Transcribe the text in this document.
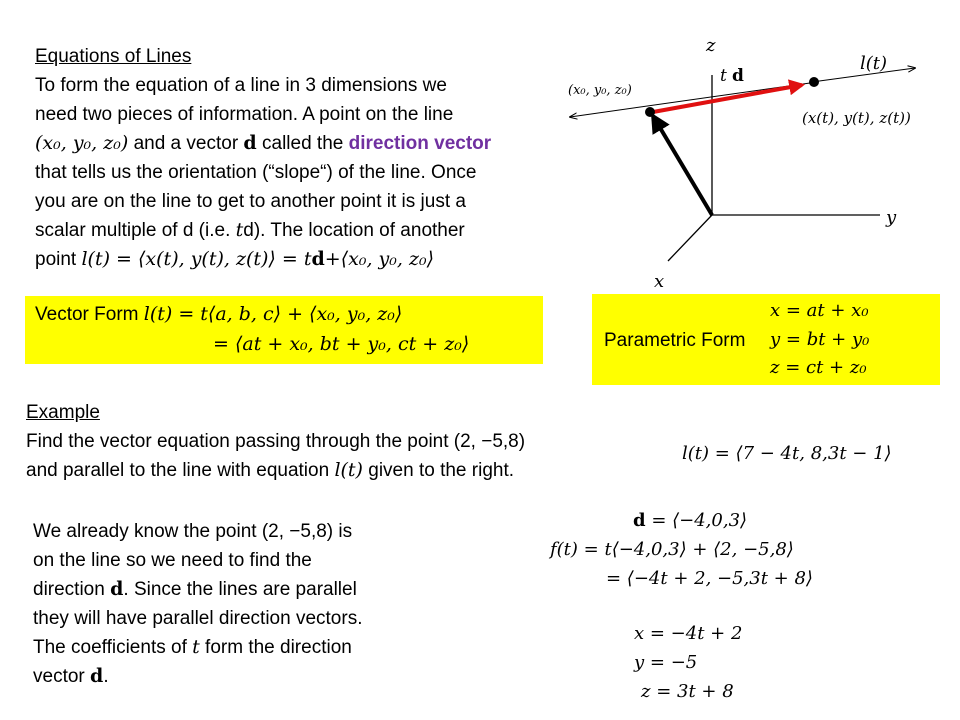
Equations of Lines
To form the equation of a line in 3 dimensions we
need two pieces of information. A point on the line
(x₀, y₀, z₀) and a vector d called the direction vector
that tells us the orientation (“slope“) of the line. Once
you are on the line to get to another point it is just a
scalar multiple of d (i.e. td). The location of another
point l(t) = ⟨x(t), y(t), z(t)⟩ = td+⟨x₀, y₀, z₀⟩
Vector Form l(t) = t⟨a, b, c⟩ + ⟨x₀, y₀, z₀⟩
= ⟨at + x₀, bt + y₀, ct + z₀⟩	Parametric Form
x = at + x₀
y = bt + y₀
z = ct + z₀
z
y
x
(x₀, y₀, z₀)
t d
l(t)
(x(t), y(t), z(t))
Example
Find the vector equation passing through the point (2, −5,8)
and parallel to the line with equation l(t) given to the right.
l(t) = ⟨7 − 4t, 8,3t − 1⟩
We already know the point (2, −5,8) is
on the line so we need to find the
direction d. Since the lines are parallel
they will have parallel direction vectors.
The coefficients of t form the direction
vector d.
d = ⟨−4,0,3⟩
f(t) = t⟨−4,0,3⟩ + ⟨2, −5,8⟩
= ⟨−4t + 2, −5,3t + 8⟩
x = −4t + 2
y = −5
z = 3t + 8
